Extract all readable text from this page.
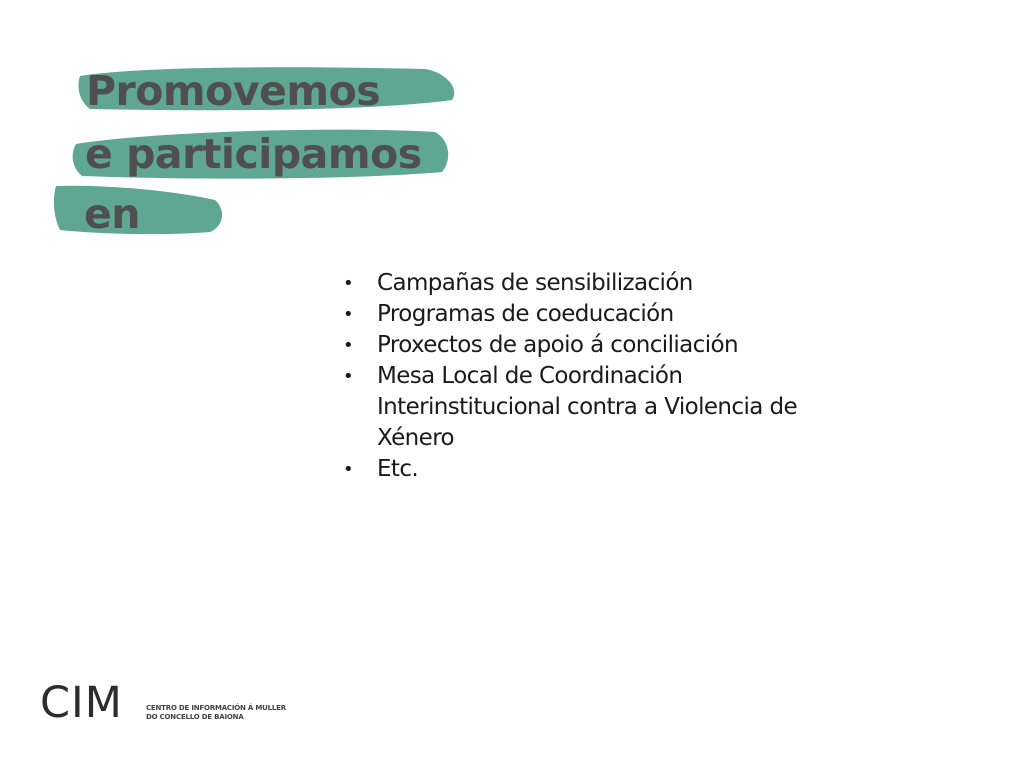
Promovemos
e participamos
en
• Campañas de sensibilización
• Programas de coeducación
• Proxectos de apoio á conciliación
• Mesa Local de Coordinación Interinstitucional contra a Violencia de Xénero
• Etc.
CIM	CENTRO DE INFORMACIÓN Á MULLER
DO CONCELLO DE BAIONA
